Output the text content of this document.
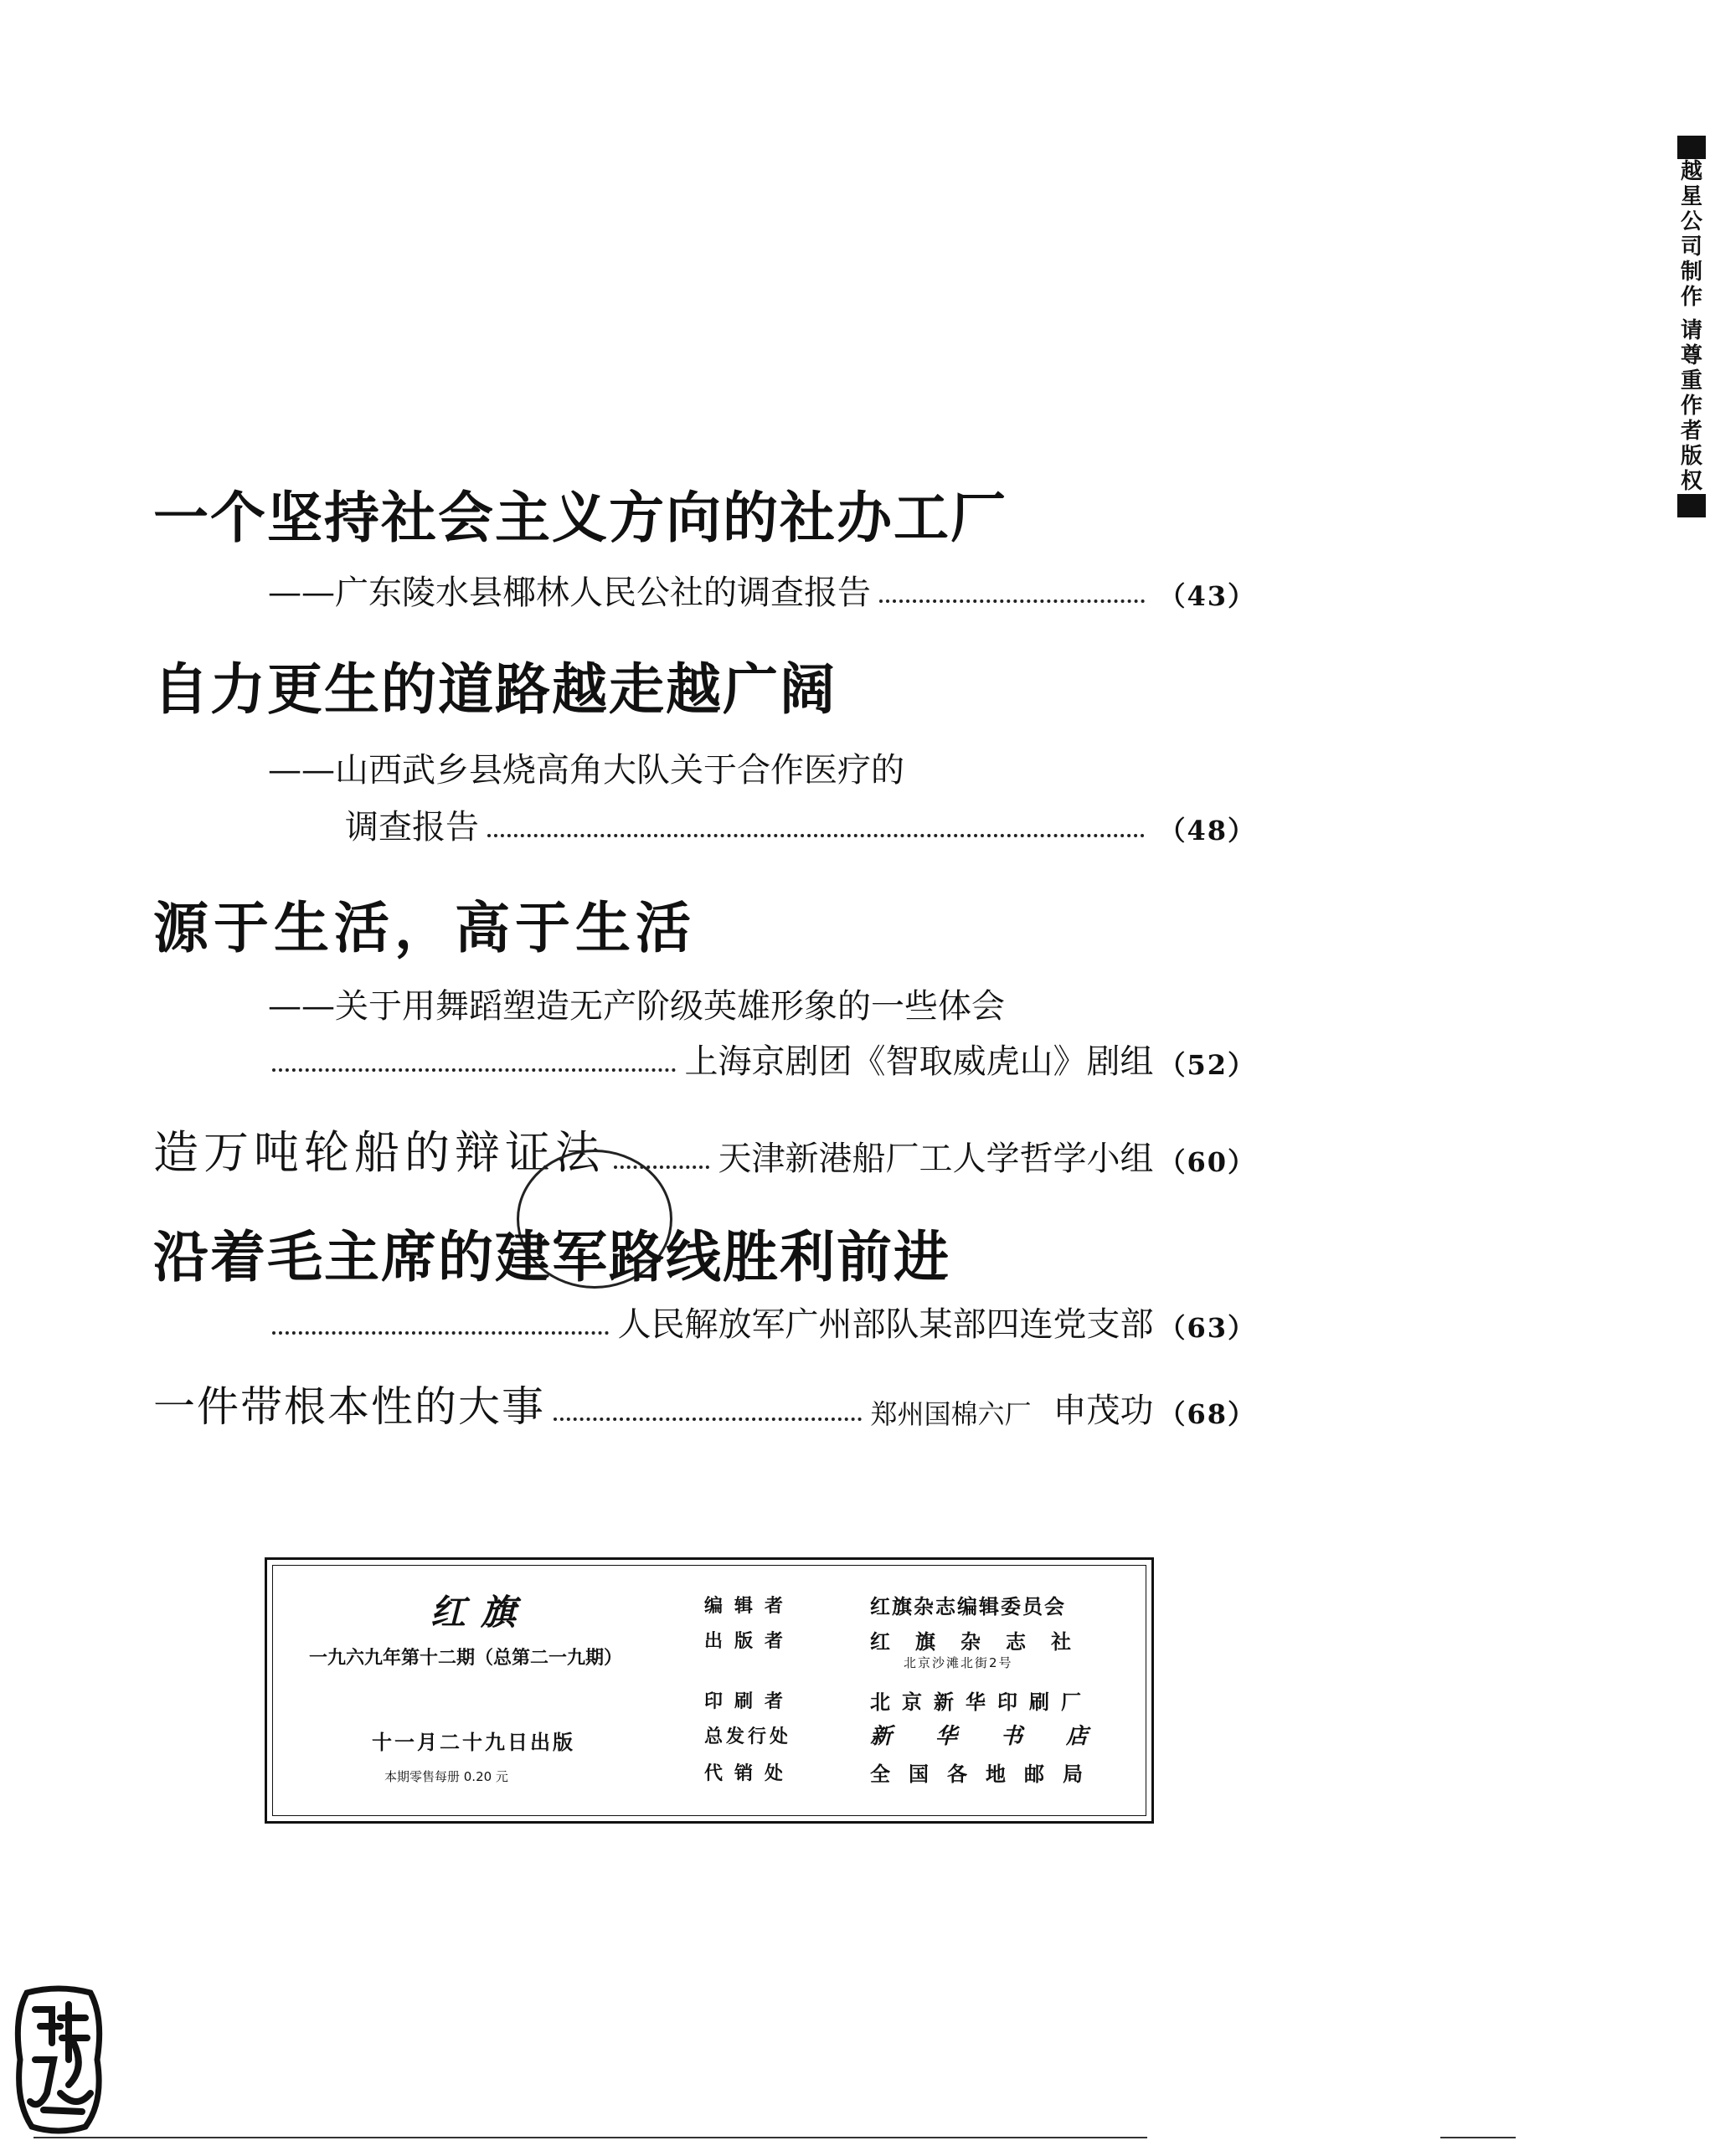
越
星
公
司
制
作
请
尊
重
作
者
版
权
一个坚持社会主义方向的社办工厂
——广东陵水县椰林人民公社的调查报告	（43）
自力更生的道路越走越广阔
——山西武乡县烧高角大队关于合作医疗的
调查报告	（48）
源于生活，高于生活
——关于用舞蹈塑造无产阶级英雄形象的一些体会
上海京剧团《智取威虎山》剧组 （52）
造万吨轮船的辩证法	天津新港船厂工人学哲学小组 （60）
沿着毛主席的建军路线胜利前进
人民解放军广州部队某部四连党支部 （63）
一件带根本性的大事	郑州国棉六厂 申茂功 （68）
红旗
一九六九年第十二期（总第二一九期）
十一月二十九日出版
本期零售每册 0.20 元
编辑者	红旗杂志编辑委员会
出版者	红旗杂志社
北京沙滩北街2号
印刷者	北京新华印刷厂
总发行处	新华书店
代销处	全国各地邮局
